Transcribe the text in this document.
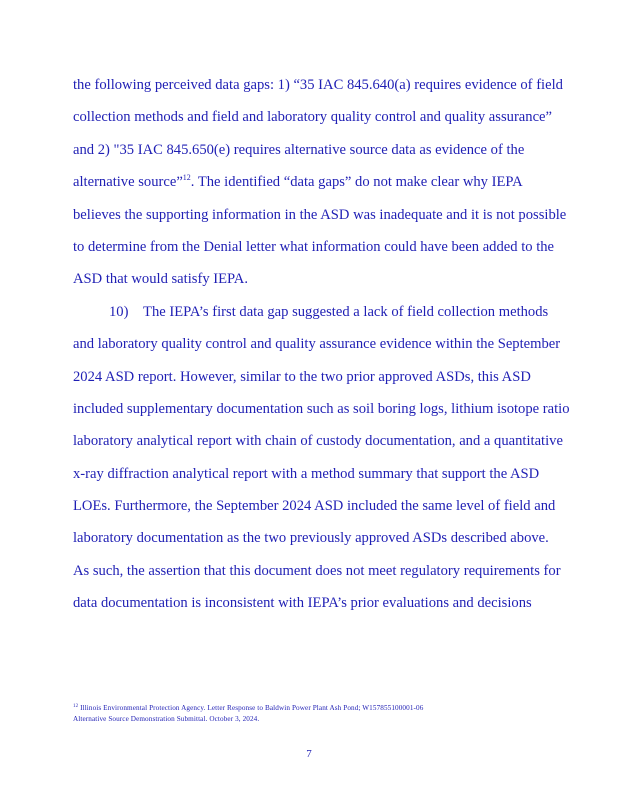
the following perceived data gaps: 1) “35 IAC 845.640(a) requires evidence of field
collection methods and field and laboratory quality control and quality assurance”
and 2) "35 IAC 845.650(e) requires alternative source data as evidence of the
alternative source”$^{12}$. The identified “data gaps” do not make clear why IEPA
believes the supporting information in the ASD was inadequate and it is not possible
to determine from the Denial letter what information could have been added to the
ASD that would satisfy IEPA.
10) The IEPA’s first data gap suggested a lack of field collection methods
and laboratory quality control and quality assurance evidence within the September
2024 ASD report. However, similar to the two prior approved ASDs, this ASD
included supplementary documentation such as soil boring logs, lithium isotope ratio
laboratory analytical report with chain of custody documentation, and a quantitative
x-ray diffraction analytical report with a method summary that support the ASD
LOEs. Furthermore, the September 2024 ASD included the same level of field and
laboratory documentation as the two previously approved ASDs described above.
As such, the assertion that this document does not meet regulatory requirements for
data documentation is inconsistent with IEPA’s prior evaluations and decisions
$^{12}$ Illinois Environmental Protection Agency. Letter Response to Baldwin Power Plant Ash Pond; W157855100001-06
Alternative Source Demonstration Submittal. October 3, 2024.
7
